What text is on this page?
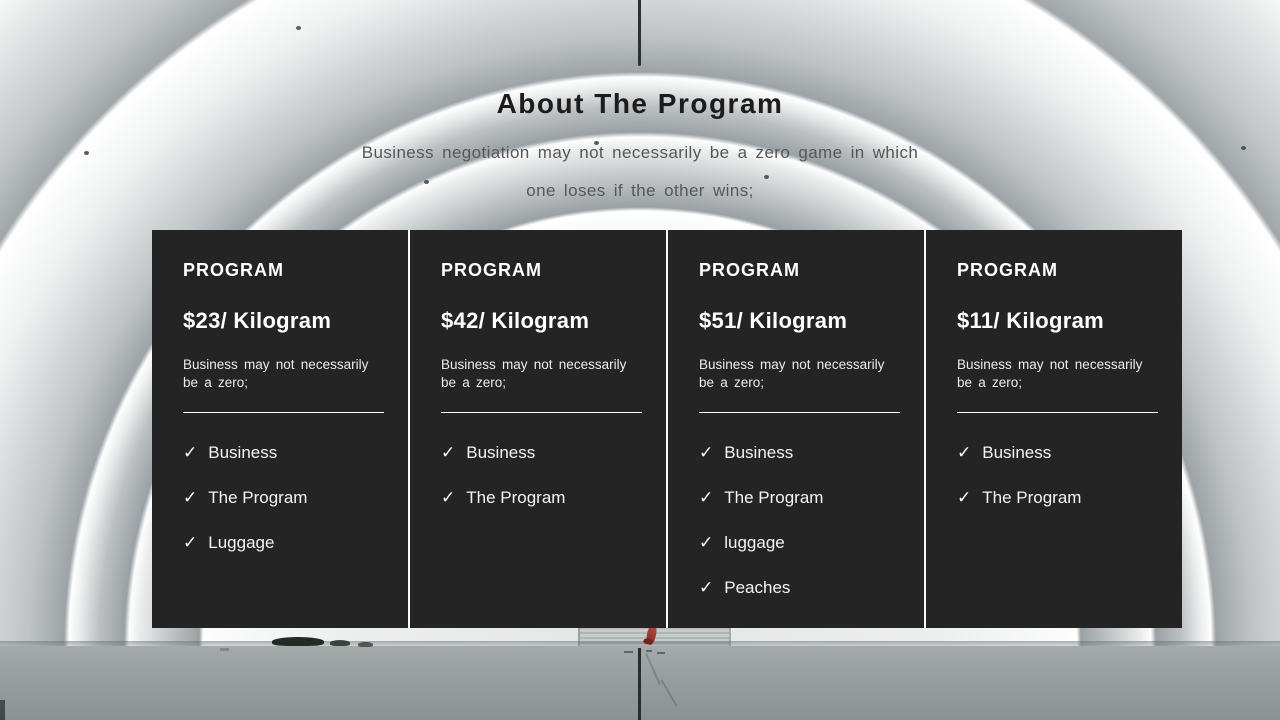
About The Program
Business negotiation may not necessarily be a zero game in which
one loses if the other wins;
PROGRAM
$23/ Kilogram
Business may not necessarily be a zero;
✓ Business
✓ The Program
✓ Luggage
PROGRAM
$42/ Kilogram
Business may not necessarily be a zero;
✓ Business
✓ The Program
PROGRAM
$51/ Kilogram
Business may not necessarily be a zero;
✓ Business
✓ The Program
✓ luggage
✓ Peaches
PROGRAM
$11/ Kilogram
Business may not necessarily be a zero;
✓ Business
✓ The Program
